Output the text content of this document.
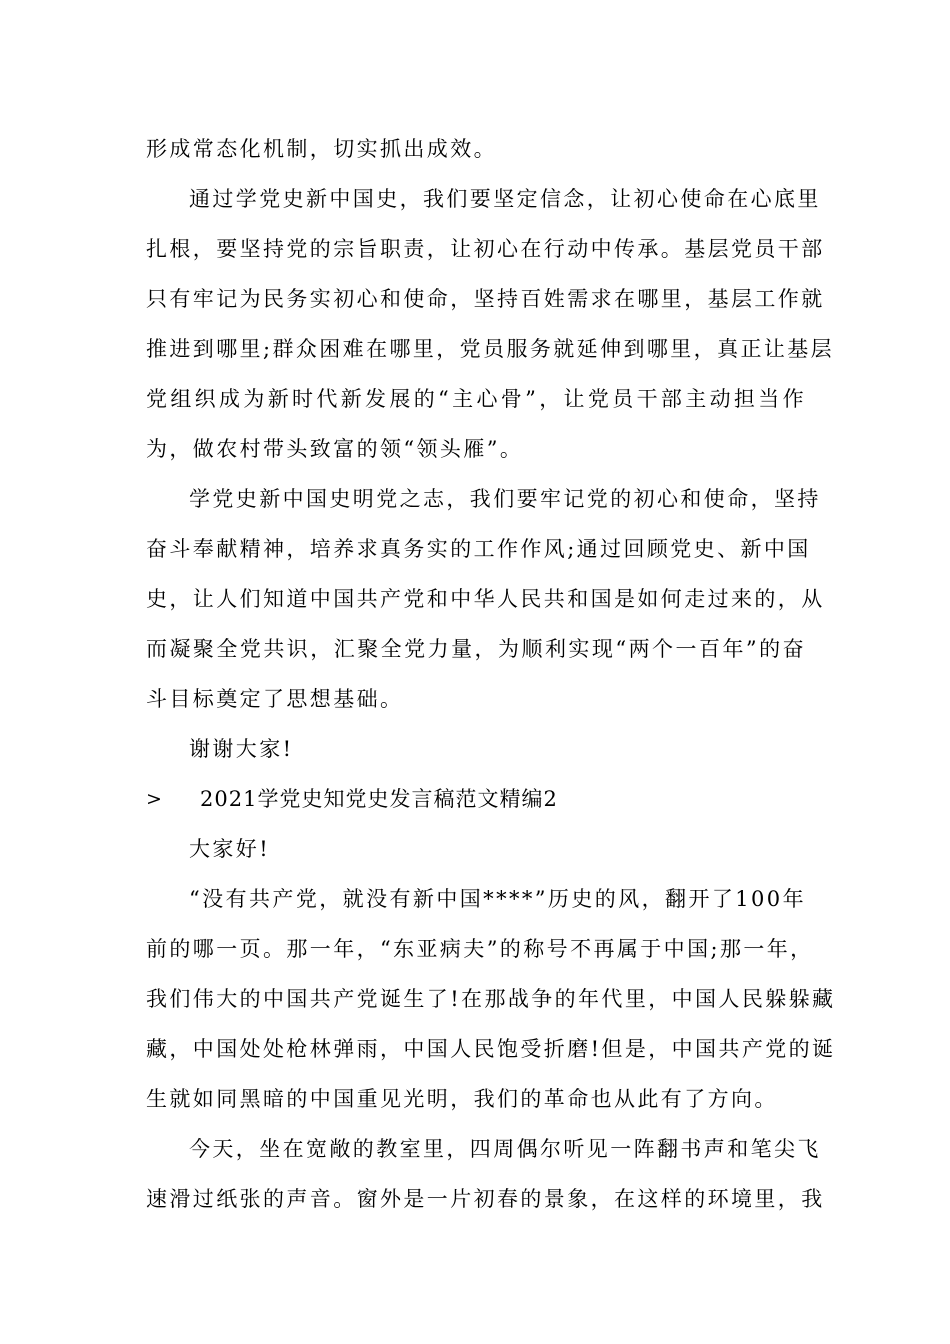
形成常态化机制，切实抓出成效。
通过学党史新中国史，我们要坚定信念，让初心使命在心底里
扎根，要坚持党的宗旨职责，让初心在行动中传承。基层党员干部
只有牢记为民务实初心和使命，坚持百姓需求在哪里，基层工作就
推进到哪里;群众困难在哪里，党员服务就延伸到哪里，真正让基层
党组织成为新时代新发展的“主心骨”，让党员干部主动担当作
为，做农村带头致富的领“领头雁”。
学党史新中国史明党之志，我们要牢记党的初心和使命，坚持
奋斗奉献精神，培养求真务实的工作作风;通过回顾党史、新中国
史，让人们知道中国共产党和中华人民共和国是如何走过来的，从
而凝聚全党共识，汇聚全党力量，为顺利实现“两个一百年”的奋
斗目标奠定了思想基础。
谢谢大家!
> 2021学党史知党史发言稿范文精编2
大家好!
“没有共产党，就没有新中国****”历史的风，翻开了100年
前的哪一页。那一年，“东亚病夫”的称号不再属于中国;那一年，
我们伟大的中国共产党诞生了!在那战争的年代里，中国人民躲躲藏
藏，中国处处枪林弹雨，中国人民饱受折磨!但是，中国共产党的诞
生就如同黑暗的中国重见光明，我们的革命也从此有了方向。
今天，坐在宽敞的教室里，四周偶尔听见一阵翻书声和笔尖飞
速滑过纸张的声音。窗外是一片初春的景象，在这样的环境里，我
